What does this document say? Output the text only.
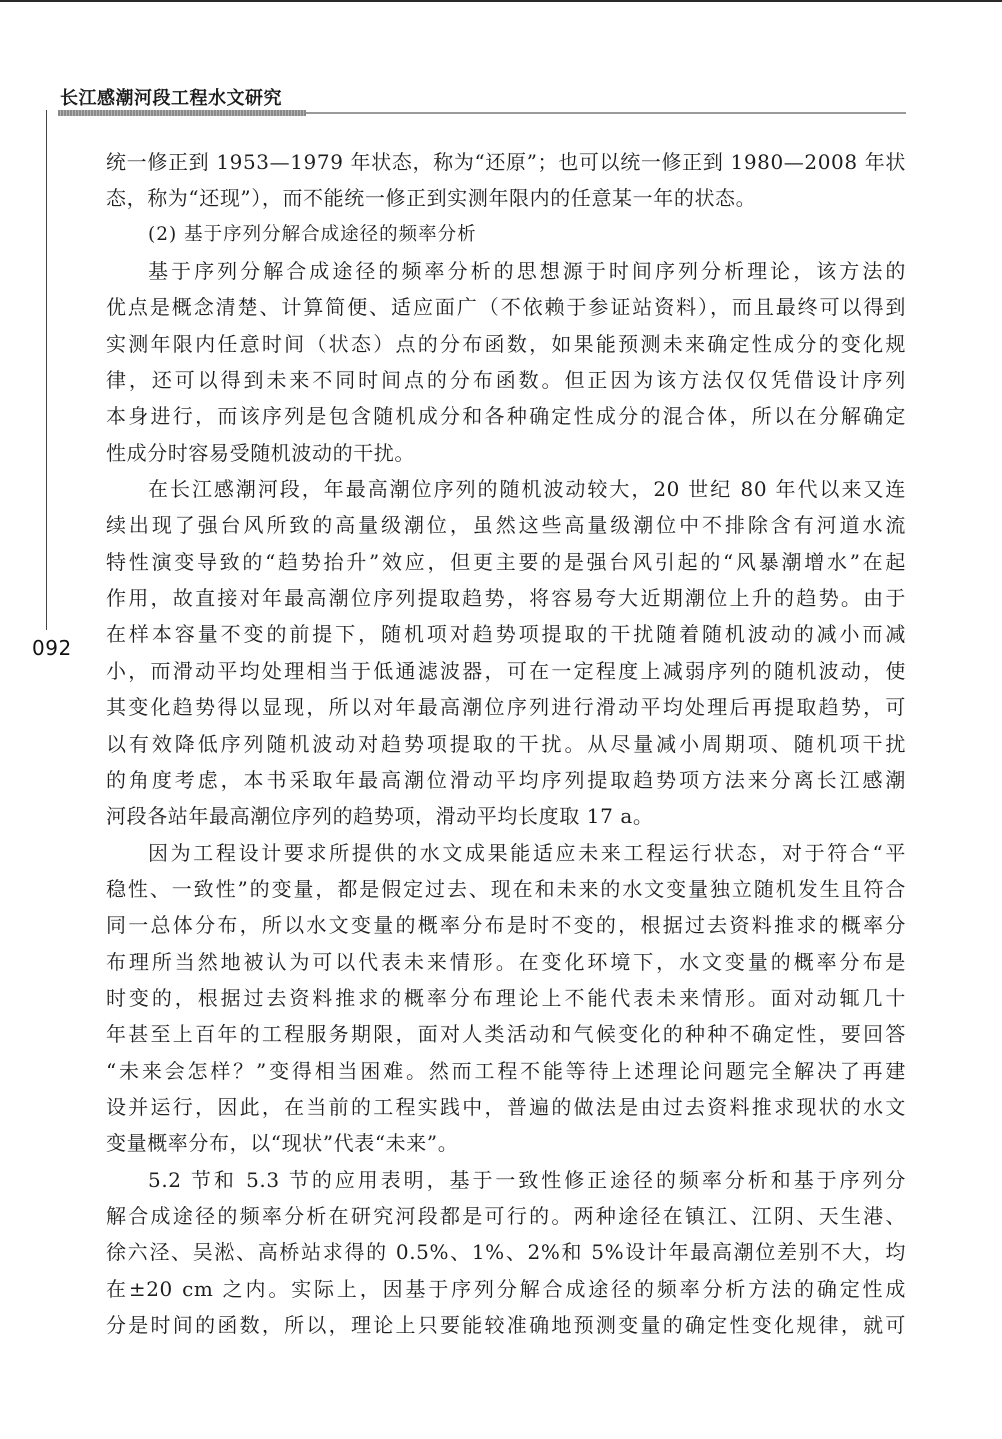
长江感潮河段工程水文研究
092
统一修正到 1953—1979 年状态，称为“还原”；也可以统一修正到 1980—2008 年状
态，称为“还现”），而不能统一修正到实测年限内的任意某一年的状态。
(2) 基于序列分解合成途径的频率分析
基于序列分解合成途径的频率分析的思想源于时间序列分析理论，该方法的
优点是概念清楚、计算简便、适应面广（不依赖于参证站资料），而且最终可以得到
实测年限内任意时间（状态）点的分布函数，如果能预测未来确定性成分的变化规
律，还可以得到未来不同时间点的分布函数。但正因为该方法仅仅凭借设计序列
本身进行，而该序列是包含随机成分和各种确定性成分的混合体，所以在分解确定
性成分时容易受随机波动的干扰。
在长江感潮河段，年最高潮位序列的随机波动较大，20 世纪 80 年代以来又连
续出现了强台风所致的高量级潮位，虽然这些高量级潮位中不排除含有河道水流
特性演变导致的“趋势抬升”效应，但更主要的是强台风引起的“风暴潮增水”在起
作用，故直接对年最高潮位序列提取趋势，将容易夸大近期潮位上升的趋势。由于
在样本容量不变的前提下，随机项对趋势项提取的干扰随着随机波动的减小而减
小，而滑动平均处理相当于低通滤波器，可在一定程度上减弱序列的随机波动，使
其变化趋势得以显现，所以对年最高潮位序列进行滑动平均处理后再提取趋势，可
以有效降低序列随机波动对趋势项提取的干扰。从尽量减小周期项、随机项干扰
的角度考虑，本书采取年最高潮位滑动平均序列提取趋势项方法来分离长江感潮
河段各站年最高潮位序列的趋势项，滑动平均长度取 17 a。
因为工程设计要求所提供的水文成果能适应未来工程运行状态，对于符合“平
稳性、一致性”的变量，都是假定过去、现在和未来的水文变量独立随机发生且符合
同一总体分布，所以水文变量的概率分布是时不变的，根据过去资料推求的概率分
布理所当然地被认为可以代表未来情形。在变化环境下，水文变量的概率分布是
时变的，根据过去资料推求的概率分布理论上不能代表未来情形。面对动辄几十
年甚至上百年的工程服务期限，面对人类活动和气候变化的种种不确定性，要回答
“未来会怎样？”变得相当困难。然而工程不能等待上述理论问题完全解决了再建
设并运行，因此，在当前的工程实践中，普遍的做法是由过去资料推求现状的水文
变量概率分布，以“现状”代表“未来”。
5.2 节和 5.3 节的应用表明，基于一致性修正途径的频率分析和基于序列分
解合成途径的频率分析在研究河段都是可行的。两种途径在镇江、江阴、天生港、
徐六泾、吴淞、高桥站求得的 0.5%、1%、2%和 5%设计年最高潮位差别不大，均
在±20 cm 之内。实际上，因基于序列分解合成途径的频率分析方法的确定性成
分是时间的函数，所以，理论上只要能较准确地预测变量的确定性变化规律，就可
